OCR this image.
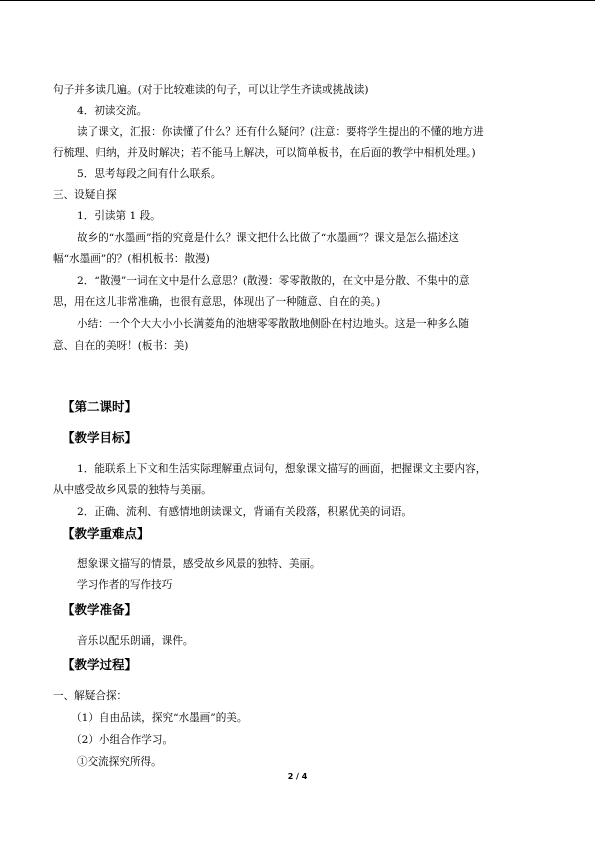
句子并多读几遍。(对于比较难读的句子，可以让学生齐读或挑战读)
4．初读交流。
读了课文，汇报：你读懂了什么？还有什么疑问？(注意：要将学生提出的不懂的地方进
行梳理、归纳，并及时解决；若不能马上解决，可以简单板书，在后面的教学中相机处理。)
5．思考每段之间有什么联系。
三、设疑自探
1．引读第 1 段。
故乡的“水墨画”指的究竟是什么？课文把什么比做了“水墨画”？课文是怎么描述这
幅“水墨画”的？(相机板书：散漫)
2．“散漫”一词在文中是什么意思？(散漫：零零散散的，在文中是分散、不集中的意
思，用在这儿非常准确，也很有意思，体现出了一种随意、自在的美。)
小结：一个个大大小小长满菱角的池塘零零散散地侧卧在村边地头。这是一种多么随
意、自在的美呀！(板书：美)
【第二课时】
【教学目标】
1．能联系上下文和生活实际理解重点词句，想象课文描写的画面，把握课文主要内容，
从中感受故乡风景的独特与美丽。
2．正确、流利、有感情地朗读课文，背诵有关段落，积累优美的词语。
【教学重难点】
想象课文描写的情景，感受故乡风景的独特、美丽。
学习作者的写作技巧
【教学准备】
音乐以配乐朗诵，课件。
【教学过程】
一、解疑合探：
（1）自由品读，探究“水墨画”的美。
（2）小组合作学习。
①交流探究所得。
2 / 4
